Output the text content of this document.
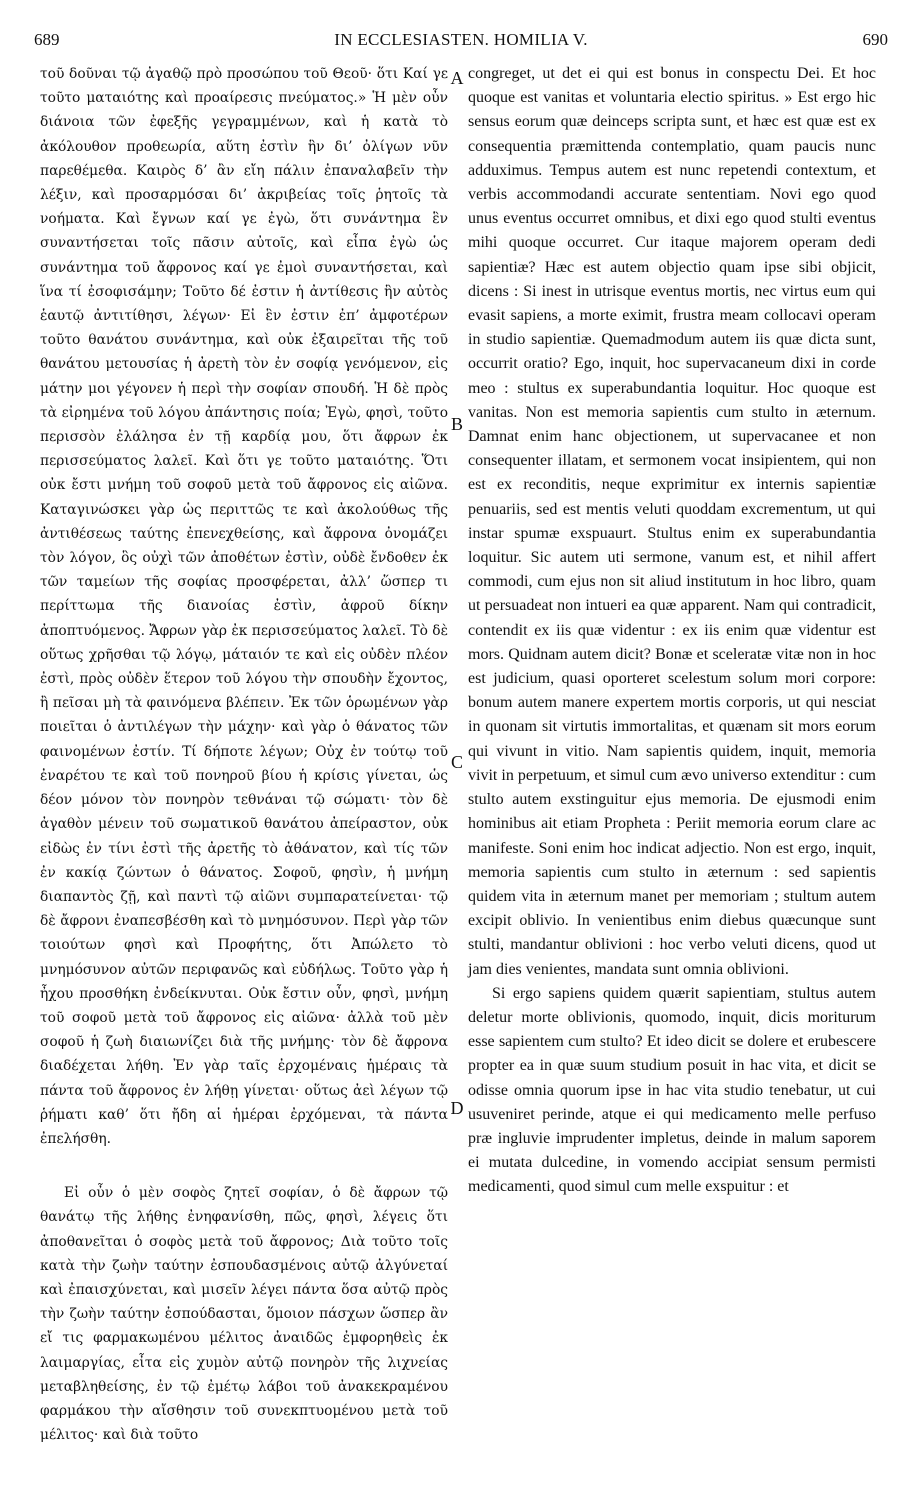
689	IN ECCLESIASTEN. HOMILIA V.	690

τοῦ δοῦναι τῷ ἀγαθῷ πρὸ προσώπου τοῦ Θεοῦ· ὅτι Καί γε τοῦτο ματαιότης καὶ προαίρεσις πνεύματος.» Ἡ μὲν οὖν διάνοια τῶν ἐφεξῆς γεγραμμένων, καὶ ἡ κατὰ τὸ ἀκόλουθον προθεωρία, αὕτη ἐστὶν ἣν δι’ ὀλίγων νῦν παρεθέμεθα. Καιρὸς δ’ ἂν εἴη πάλιν ἐπαναλαβεῖν τὴν λέξιν, καὶ προσαρμόσαι δι’ ἀκριβείας τοῖς ῥητοῖς τὰ νοήματα. Καὶ ἔγνων καί γε ἐγὼ, ὅτι συνάντημα ἓν συναντήσεται τοῖς πᾶσιν αὐτοῖς, καὶ εἶπα ἐγὼ ὡς συνάντημα τοῦ ἄφρονος καί γε ἐμοὶ συναντήσεται, καὶ ἵνα τί ἐσοφισάμην; Τοῦτο δέ ἐστιν ἡ ἀντίθεσις ἣν αὐτὸς ἑαυτῷ ἀντιτίθησι, λέγων· Εἰ ἓν ἐστιν ἐπ’ ἀμφοτέρων τοῦτο θανάτου συνάντημα, καὶ οὐκ ἐξαιρεῖται τῆς τοῦ θανάτου μετουσίας ἡ ἀρετὴ τὸν ἐν σοφίᾳ γενόμενον, εἰς μάτην μοι γέγονεν ἡ περὶ τὴν σοφίαν σπουδή. Ἡ δὲ πρὸς τὰ εἰρημένα τοῦ λόγου ἀπάντησις ποία; Ἐγὼ, φησὶ, τοῦτο περισσὸν ἐλάλησα ἐν τῇ καρδίᾳ μου, ὅτι ἄφρων ἐκ περισσεύματος λαλεῖ. Καὶ ὅτι γε τοῦτο ματαιότης. Ὅτι οὐκ ἔστι μνήμη τοῦ σοφοῦ μετὰ τοῦ ἄφρονος εἰς αἰῶνα. Καταγινώσκει γὰρ ὡς περιττῶς τε καὶ ἀκολούθως τῆς ἀντιθέσεως ταύτης ἐπενεχθείσης, καὶ ἄφρονα ὀνομάζει τὸν λόγον, ὃς οὐχὶ τῶν ἀποθέτων ἐστὶν, οὐδὲ ἔνδοθεν ἐκ τῶν ταμείων τῆς σοφίας προσφέρεται, ἀλλ’ ὥσπερ τι περίττωμα τῆς διανοίας ἐστὶν, ἀφροῦ δίκην ἀποπτυόμενος. Ἄφρων γὰρ ἐκ περισσεύματος λαλεῖ. Τὸ δὲ οὕτως χρῆσθαι τῷ λόγῳ, μάταιόν τε καὶ εἰς οὐδὲν πλέον ἐστὶ, πρὸς οὐδὲν ἕτερον τοῦ λόγου τὴν σπουδὴν ἔχοντος, ἢ πεῖσαι μὴ τὰ φαινόμενα βλέπειν. Ἐκ τῶν ὁρωμένων γὰρ ποιεῖται ὁ ἀντιλέγων τὴν μάχην· καὶ γὰρ ὁ θάνατος τῶν φαινομένων ἐστίν. Τί δήποτε λέγων; Οὐχ ἐν τούτῳ τοῦ ἐναρέτου τε καὶ τοῦ πονηροῦ βίου ἡ κρίσις γίνεται, ὡς δέον μόνον τὸν πονηρὸν τεθνάναι τῷ σώματι· τὸν δὲ ἀγαθὸν μένειν τοῦ σωματικοῦ θανάτου ἀπείραστον, οὐκ εἰδὼς ἐν τίνι ἐστὶ τῆς ἀρετῆς τὸ ἀθάνατον, καὶ τίς τῶν ἐν κακίᾳ ζώντων ὁ θάνατος. Σοφοῦ, φησὶν, ἡ μνήμη διαπαντὸς ζῇ, καὶ παντὶ τῷ αἰῶνι συμπαρατείνεται· τῷ δὲ ἄφρονι ἐναπεσβέσθη καὶ τὸ μνημόσυνον. Περὶ γὰρ τῶν τοιούτων φησὶ καὶ Προφήτης, ὅτι Ἀπώλετο τὸ μνημόσυνον αὐτῶν περιφανῶς καὶ εὐδήλως. Τοῦτο γὰρ ἡ ἦχου προσθήκη ἐνδείκνυται. Οὐκ ἔστιν οὖν, φησὶ, μνήμη τοῦ σοφοῦ μετὰ τοῦ ἄφρονος εἰς αἰῶνα· ἀλλὰ τοῦ μὲν σοφοῦ ἡ ζωὴ διαιωνίζει διὰ τῆς μνήμης· τὸν δὲ ἄφρονα διαδέχεται λήθη. Ἐν γὰρ ταῖς ἐρχομέναις ἡμέραις τὰ πάντα τοῦ ἄφρονος ἐν λήθῃ γίνεται· οὕτως ἀεὶ λέγων τῷ ῥήματι καθ’ ὅτι ἤδη αἱ ἡμέραι ἐρχόμεναι, τὰ πάντα ἐπελήσθη.

Εἰ οὖν ὁ μὲν σοφὸς ζητεῖ σοφίαν, ὁ δὲ ἄφρων τῷ θανάτῳ τῆς λήθης ἐνηφανίσθη, πῶς, φησὶ, λέγεις ὅτι ἀποθανεῖται ὁ σοφὸς μετὰ τοῦ ἄφρονος; Διὰ τοῦτο τοῖς κατὰ τὴν ζωὴν ταύτην ἐσπουδασμένοις αὐτῷ ἀλγύνεταί καὶ ἐπαισχύνεται, καὶ μισεῖν λέγει πάντα ὅσα αὐτῷ πρὸς τὴν ζωὴν ταύτην ἐσπούδασται, ὅμοιον πάσχων ὥσπερ ἂν εἴ τις φαρμακωμένου μέλιτος ἀναιδῶς ἐμφορηθεὶς ἐκ λαιμαργίας, εἶτα εἰς χυμὸν αὐτῷ πονηρὸν τῆς λιχνείας μεταβληθείσης, ἐν τῷ ἐμέτῳ λάβοι τοῦ ἀνακεκραμένου φαρμάκου τὴν αἴσθησιν τοῦ συνεκπτυομένου μετὰ τοῦ μέλιτος· καὶ διὰ τοῦτο

A
B
C
D

congreget, ut det ei qui est bonus in conspectu Dei. Et hoc quoque est vanitas et voluntaria electio spiritus. » Est ergo hic sensus eorum quæ deinceps scripta sunt, et hæc est quæ est ex consequentia præmittenda contemplatio, quam paucis nunc adduximus. Tempus autem est nunc repetendi contextum, et verbis accommodandi accurate sententiam. Novi ego quod unus eventus occurret omnibus, et dixi ego quod stulti eventus mihi quoque occurret. Cur itaque majorem operam dedi sapientiæ? Hæc est autem objectio quam ipse sibi objicit, dicens : Si inest in utrisque eventus mortis, nec virtus eum qui evasit sapiens, a morte eximit, frustra meam collocavi operam in studio sapientiæ. Quemadmodum autem iis quæ dicta sunt, occurrit oratio? Ego, inquit, hoc supervacaneum dixi in corde meo : stultus ex superabundantia loquitur. Hoc quoque est vanitas. Non est memoria sapientis cum stulto in æternum. Damnat enim hanc objectionem, ut supervacanee et non consequenter illatam, et sermonem vocat insipientem, qui non est ex reconditis, neque exprimitur ex internis sapientiæ penuariis, sed est mentis veluti quoddam excrementum, ut qui instar spumæ exspuaurt. Stultus enim ex superabundantia loquitur. Sic autem uti sermone, vanum est, et nihil affert commodi, cum ejus non sit aliud institutum in hoc libro, quam ut persuadeat non intueri ea quæ apparent. Nam qui contradicit, contendit ex iis quæ videntur : ex iis enim quæ videntur est mors. Quidnam autem dicit? Bonæ et sceleratæ vitæ non in hoc est judicium, quasi oporteret scelestum solum mori corpore: bonum autem manere expertem mortis corporis, ut qui nesciat in quonam sit virtutis immortalitas, et quænam sit mors eorum qui vivunt in vitio. Nam sapientis quidem, inquit, memoria vivit in perpetuum, et simul cum ævo universo extenditur : cum stulto autem exstinguitur ejus memoria. De ejusmodi enim hominibus ait etiam Propheta : Periit memoria eorum clare ac manifeste. Soni enim hoc indicat adjectio. Non est ergo, inquit, memoria sapientis cum stulto in æternum : sed sapientis quidem vita in æternum manet per memoriam ; stultum autem excipit oblivio. In venientibus enim diebus quæcunque sunt stulti, mandantur oblivioni : hoc verbo veluti dicens, quod ut jam dies venientes, mandata sunt omnia oblivioni.

Si ergo sapiens quidem quærit sapientiam, stultus autem deletur morte oblivionis, quomodo, inquit, dicis moriturum esse sapientem cum stulto? Et ideo dicit se dolere et erubescere propter ea in quæ suum studium posuit in hac vita, et dicit se odisse omnia quorum ipse in hac vita studio tenebatur, ut cui usuveniret perinde, atque ei qui medicamento melle perfuso præ ingluvie imprudenter impletus, deinde in malum saporem ei mutata dulcedine, in vomendo accipiat sensum permisti medicamenti, quod simul cum melle exspuitur : et
